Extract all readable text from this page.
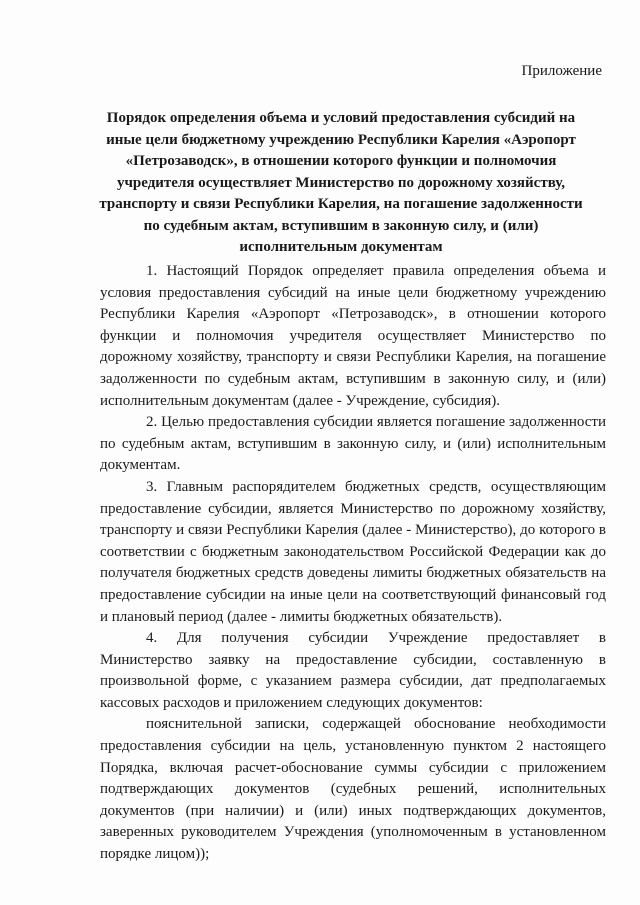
Приложение
Порядок определения объема и условий предоставления субсидий на иные цели бюджетному учреждению Республики Карелия «Аэропорт «Петрозаводск», в отношении которого функции и полномочия учредителя осуществляет Министерство по дорожному хозяйству, транспорту и связи Республики Карелия, на погашение задолженности по судебным актам, вступившим в законную силу, и (или) исполнительным документам

1. Настоящий Порядок определяет правила определения объема и условия предоставления субсидий на иные цели бюджетному учреждению Республики Карелия «Аэропорт «Петрозаводск», в отношении которого функции и полномочия учредителя осуществляет Министерство по дорожному хозяйству, транспорту и связи Республики Карелия, на погашение задолженности по судебным актам, вступившим в законную силу, и (или) исполнительным документам (далее - Учреждение, субсидия).

2. Целью предоставления субсидии является погашение задолженности по судебным актам, вступившим в законную силу, и (или) исполнительным документам.

3. Главным распорядителем бюджетных средств, осуществляющим предоставление субсидии, является Министерство по дорожному хозяйству, транспорту и связи Республики Карелия (далее - Министерство), до которого в соответствии с бюджетным законодательством Российской Федерации как до получателя бюджетных средств доведены лимиты бюджетных обязательств на предоставление субсидии на иные цели на соответствующий финансовый год и плановый период (далее - лимиты бюджетных обязательств).

4. Для получения субсидии Учреждение предоставляет в Министерство заявку на предоставление субсидии, составленную в произвольной форме, с указанием размера субсидии, дат предполагаемых кассовых расходов и приложением следующих документов:

пояснительной записки, содержащей обоснование необходимости предоставления субсидии на цель, установленную пунктом 2 настоящего Порядка, включая расчет-обоснование суммы субсидии с приложением подтверждающих документов (судебных решений, исполнительных документов (при наличии) и (или) иных подтверждающих документов, заверенных руководителем Учреждения (уполномоченным в установленном порядке лицом));
